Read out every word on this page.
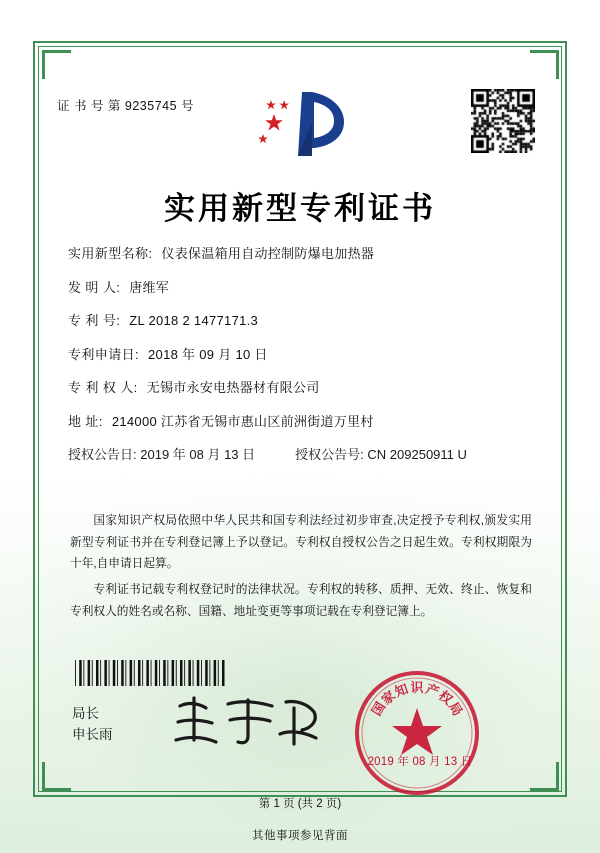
证 书 号 第 9235745 号
实用新型专利证书
实用新型名称: 仪表保温箱用自动控制防爆电加热器
发 明 人: 唐维军
专 利 号: ZL 2018 2 1477171.3
专利申请日: 2018 年 09 月 10 日
专 利 权 人: 无锡市永安电热器材有限公司
地 址: 214000 江苏省无锡市惠山区前洲街道万里村
授权公告日: 2019 年 08 月 13 日	授权公告号: CN 209250911 U

国家知识产权局依照中华人民共和国专利法经过初步审查,决定授予专利权,颁发实用新型专利证书并在专利登记簿上予以登记。专利权自授权公告之日起生效。专利权期限为十年,自申请日起算。

专利证书记载专利权登记时的法律状况。专利权的转移、质押、无效、终止、恢复和专利权人的姓名或名称、国籍、地址变更等事项记载在专利登记簿上。

局长
申长雨
国
家
知 识 产
权
局
2019 年 08 月 13 日
第 1 页 (共 2 页)
其他事项参见背面
